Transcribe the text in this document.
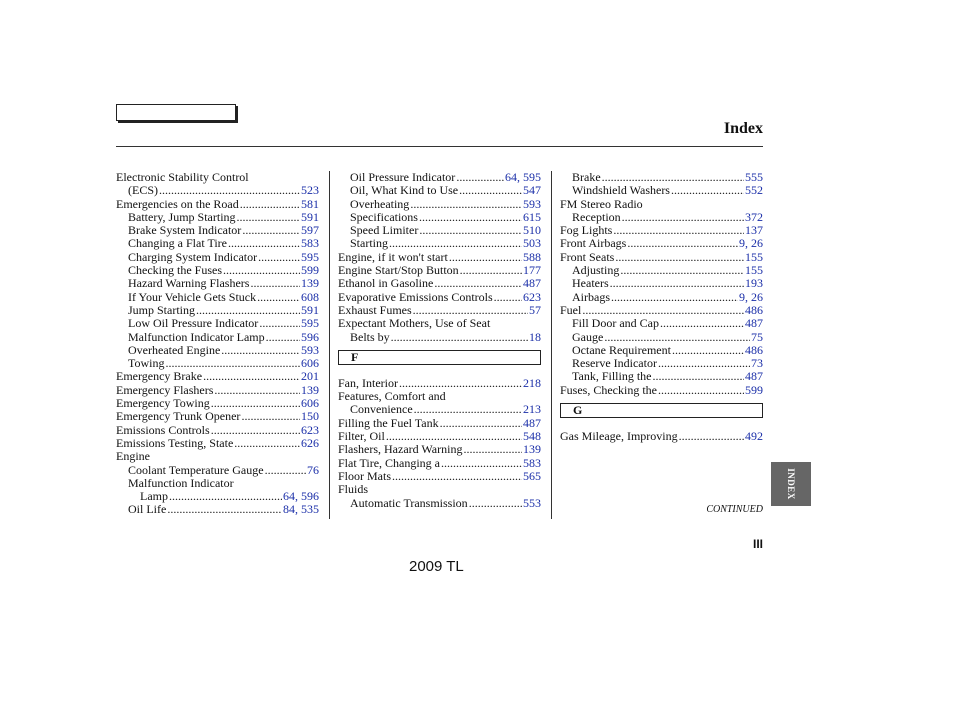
Index
Electronic Stability Control
(ECS) .....	523
Emergencies on the Road .....	581
Battery, Jump Starting .....	591
Brake System Indicator .....	597
Changing a Flat Tire .....	583
Charging System Indicator .....	595
Checking the Fuses .....	599
Hazard Warning Flashers .....	139
If Your Vehicle Gets Stuck .....	608
Jump Starting .....	591
Low Oil Pressure Indicator .....	595
Malfunction Indicator Lamp .....	596
Overheated Engine .....	593
Towing .....	606
Emergency Brake .....	201
Emergency Flashers .....	139
Emergency Towing .....	606
Emergency Trunk Opener .....	150
Emissions Controls .....	623
Emissions Testing, State .....	626
Engine
Coolant Temperature Gauge .....	76
Malfunction Indicator
Lamp .....	64, 596
Oil Life .....	84, 535
Oil Pressure Indicator .....	64, 595
Oil, What Kind to Use .....	547
Overheating .....	593
Specifications .....	615
Speed Limiter .....	510
Starting .....	503
Engine, if it won't start .....	588
Engine Start/Stop Button .....	177
Ethanol in Gasoline .....	487
Evaporative Emissions Controls .....	623
Exhaust Fumes .....	57
Expectant Mothers, Use of Seat
Belts by .....	18
F
Fan, Interior .....	218
Features, Comfort and
Convenience .....	213
Filling the Fuel Tank .....	487
Filter, Oil .....	548
Flashers, Hazard Warning .....	139
Flat Tire, Changing a .....	583
Floor Mats .....	565
Fluids
Automatic Transmission .....	553
Brake .....	555
Windshield Washers .....	552
FM Stereo Radio
Reception .....	372
Fog Lights .....	137
Front Airbags .....	9, 26
Front Seats .....	155
Adjusting .....	155
Heaters .....	193
Airbags .....	9, 26
Fuel .....	486
Fill Door and Cap .....	487
Gauge .....	75
Octane Requirement .....	486
Reserve Indicator .....	73
Tank, Filling the .....	487
Fuses, Checking the .....	599
G
Gas Mileage, Improving .....	492
CONTINUED
III
2009 TL
INDEX
